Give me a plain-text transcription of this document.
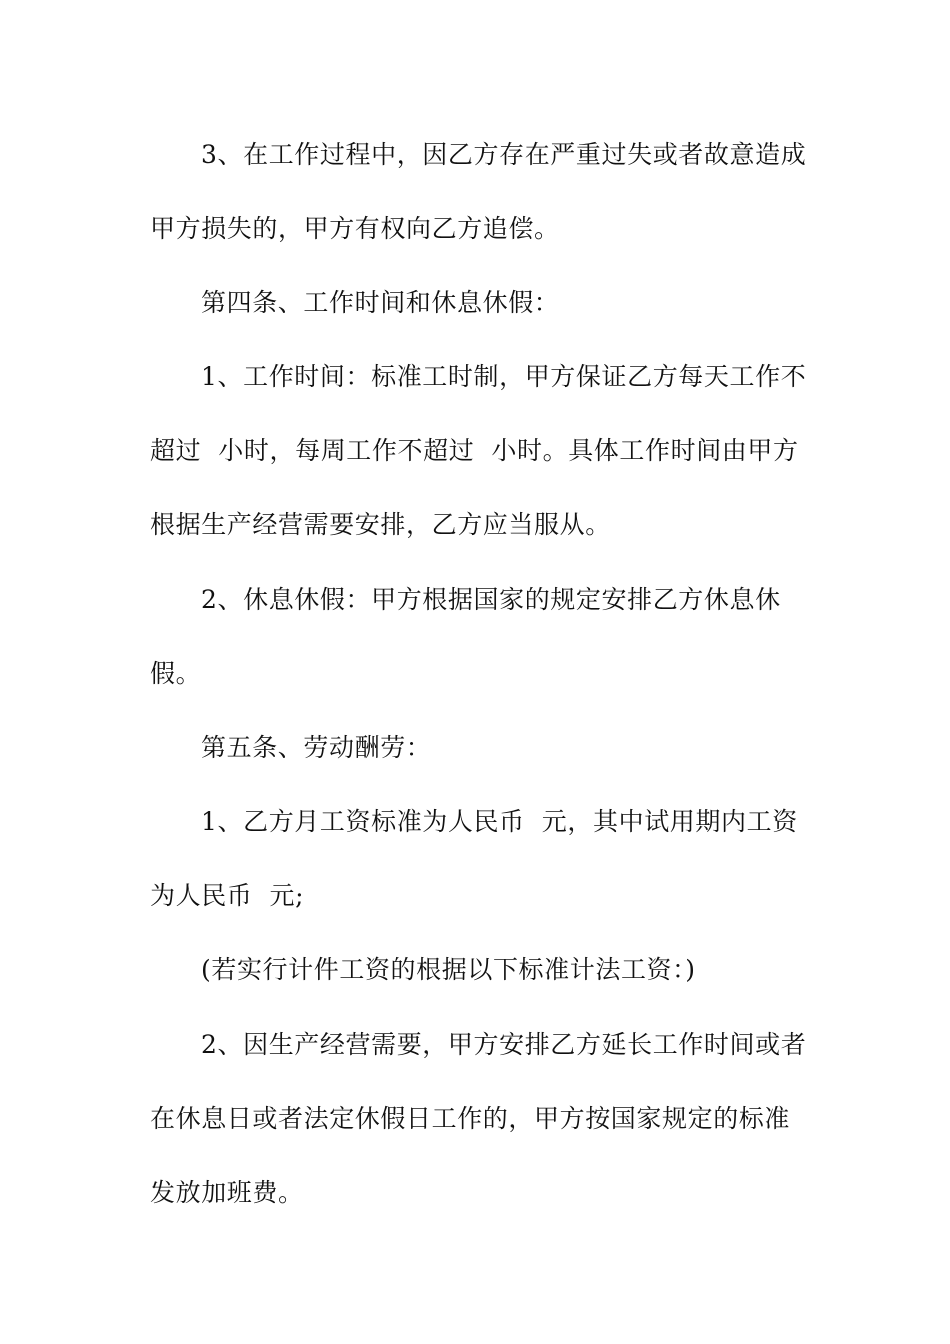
3、在工作过程中，因乙方存在严重过失或者故意造成
甲方损失的，甲方有权向乙方追偿。
第四条、工作时间和休息休假：
1、工作时间：标准工时制，甲方保证乙方每天工作不
超过  小时，每周工作不超过  小时。具体工作时间由甲方
根据生产经营需要安排，乙方应当服从。
2、休息休假：甲方根据国家的规定安排乙方休息休
假。
第五条、劳动酬劳：
1、乙方月工资标准为人民币  元，其中试用期内工资
为人民币  元;
(若实行计件工资的根据以下标准计法工资：)
2、因生产经营需要，甲方安排乙方延长工作时间或者
在休息日或者法定休假日工作的，甲方按国家规定的标准
发放加班费。
